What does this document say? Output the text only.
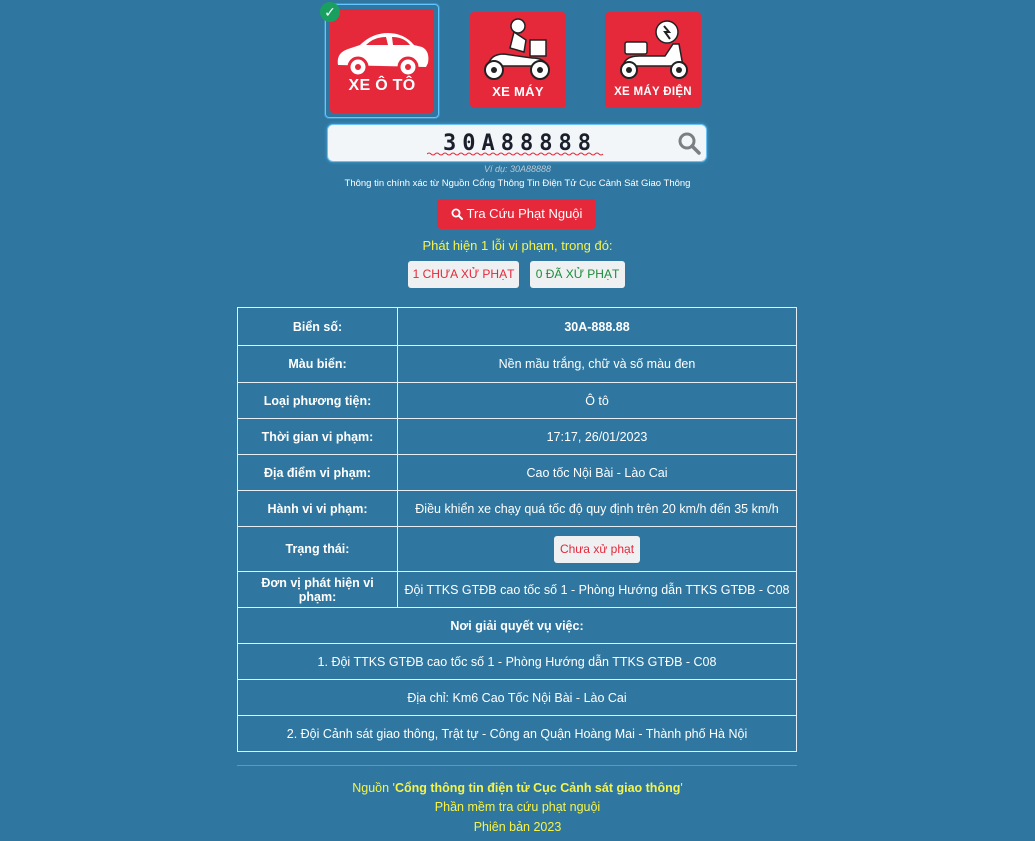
XE Ô TÔ
✓
XE MÁY	XE MÁY ĐIỆN
30A88888
Ví dụ: 30A88888
Thông tin chính xác từ Nguồn Cổng Thông Tin Điện Tử Cục Cảnh Sát Giao Thông
Tra Cứu Phạt Nguội
Phát hiện 1 lỗi vi phạm, trong đó:
1 CHƯA XỬ PHẠT	0 ĐÃ XỬ PHẠT
Biển số:	30A-888.88
Màu biển:	Nền mầu trắng, chữ và số màu đen
Loại phương tiện:	Ô tô
Thời gian vi phạm:	17:17, 26/01/2023
Địa điểm vi phạm:	Cao tốc Nội Bài - Lào Cai
Hành vi vi phạm:	Điều khiển xe chạy quá tốc độ quy định trên 20 km/h đến 35 km/h
Trạng thái:	Chưa xử phạt
Đơn vị phát hiện vi phạm:	Đội TTKS GTĐB cao tốc số 1 - Phòng Hướng dẫn TTKS GTĐB - C08
Nơi giải quyết vụ việc:	
1. Đội TTKS GTĐB cao tốc số 1 - Phòng Hướng dẫn TTKS GTĐB - C08	
Địa chỉ: Km6 Cao Tốc Nội Bài - Lào Cai	
2. Đội Cảnh sát giao thông, Trật tự - Công an Quận Hoàng Mai - Thành phố Hà Nội	
Nguồn 'Cổng thông tin điện tử Cục Cảnh sát giao thông'
Phần mềm tra cứu phạt nguội
Phiên bản 2023
